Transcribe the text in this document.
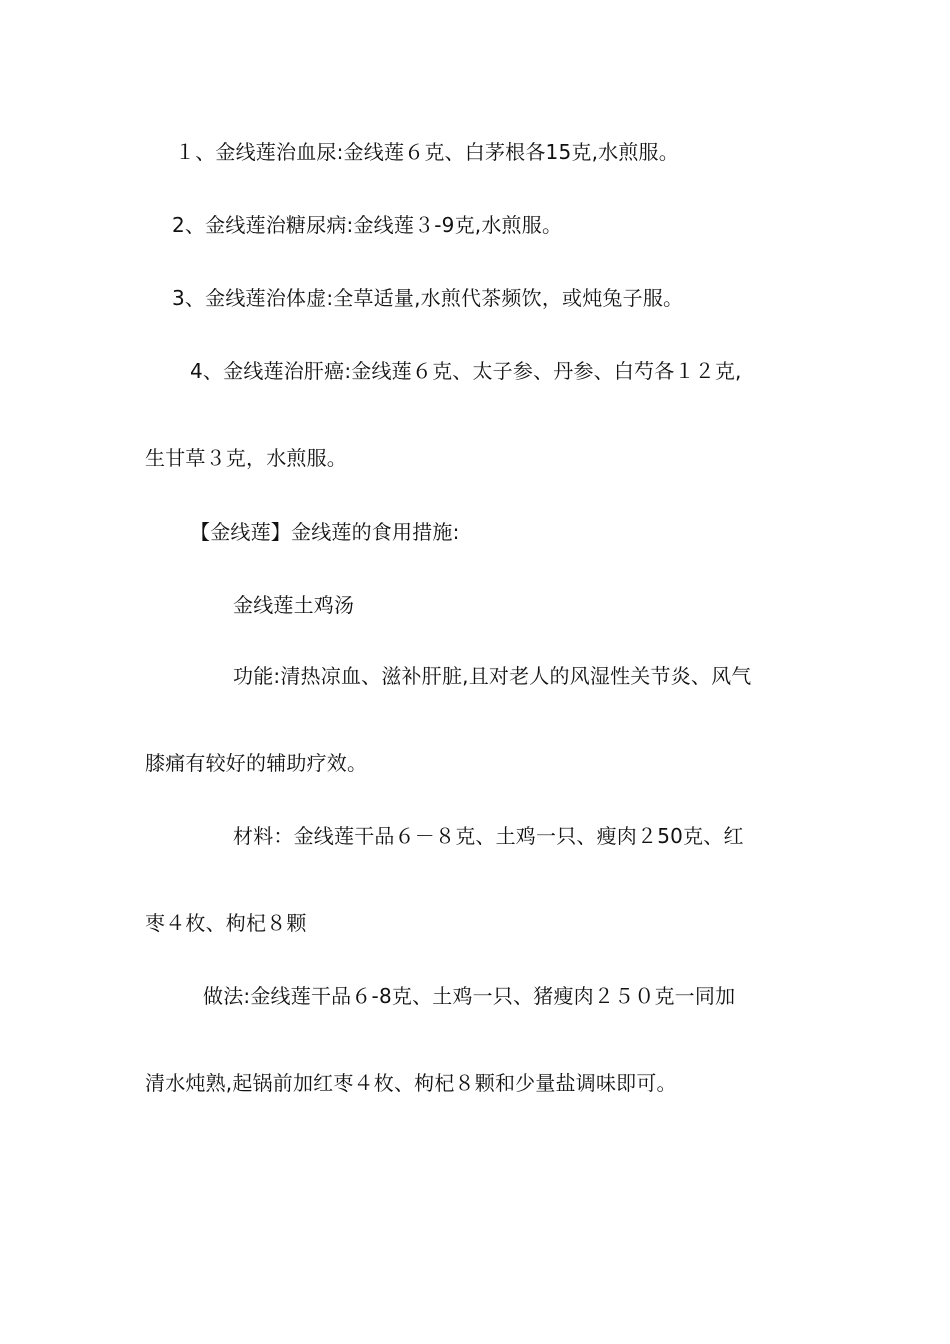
１、金线莲治血尿:金线莲６克、白茅根各15克,水煎服。
2、金线莲治糖尿病:金线莲３-9克,水煎服。
3、金线莲治体虚:全草适量,水煎代茶频饮，或炖兔子服。
4、金线莲治肝癌:金线莲６克、太子参、丹参、白芍各１２克,
生甘草３克，水煎服。
【金线莲】金线莲的食用措施:
金线莲土鸡汤
功能:清热凉血、滋补肝脏,且对老人的风湿性关节炎、风气
膝痛有较好的辅助疗效。
材料：金线莲干品６－８克、土鸡一只、瘦肉２50克、红
枣４枚、枸杞８颗
做法:金线莲干品６-8克、土鸡一只、猪瘦肉２５０克一同加
清水炖熟,起锅前加红枣４枚、枸杞８颗和少量盐调味即可。
